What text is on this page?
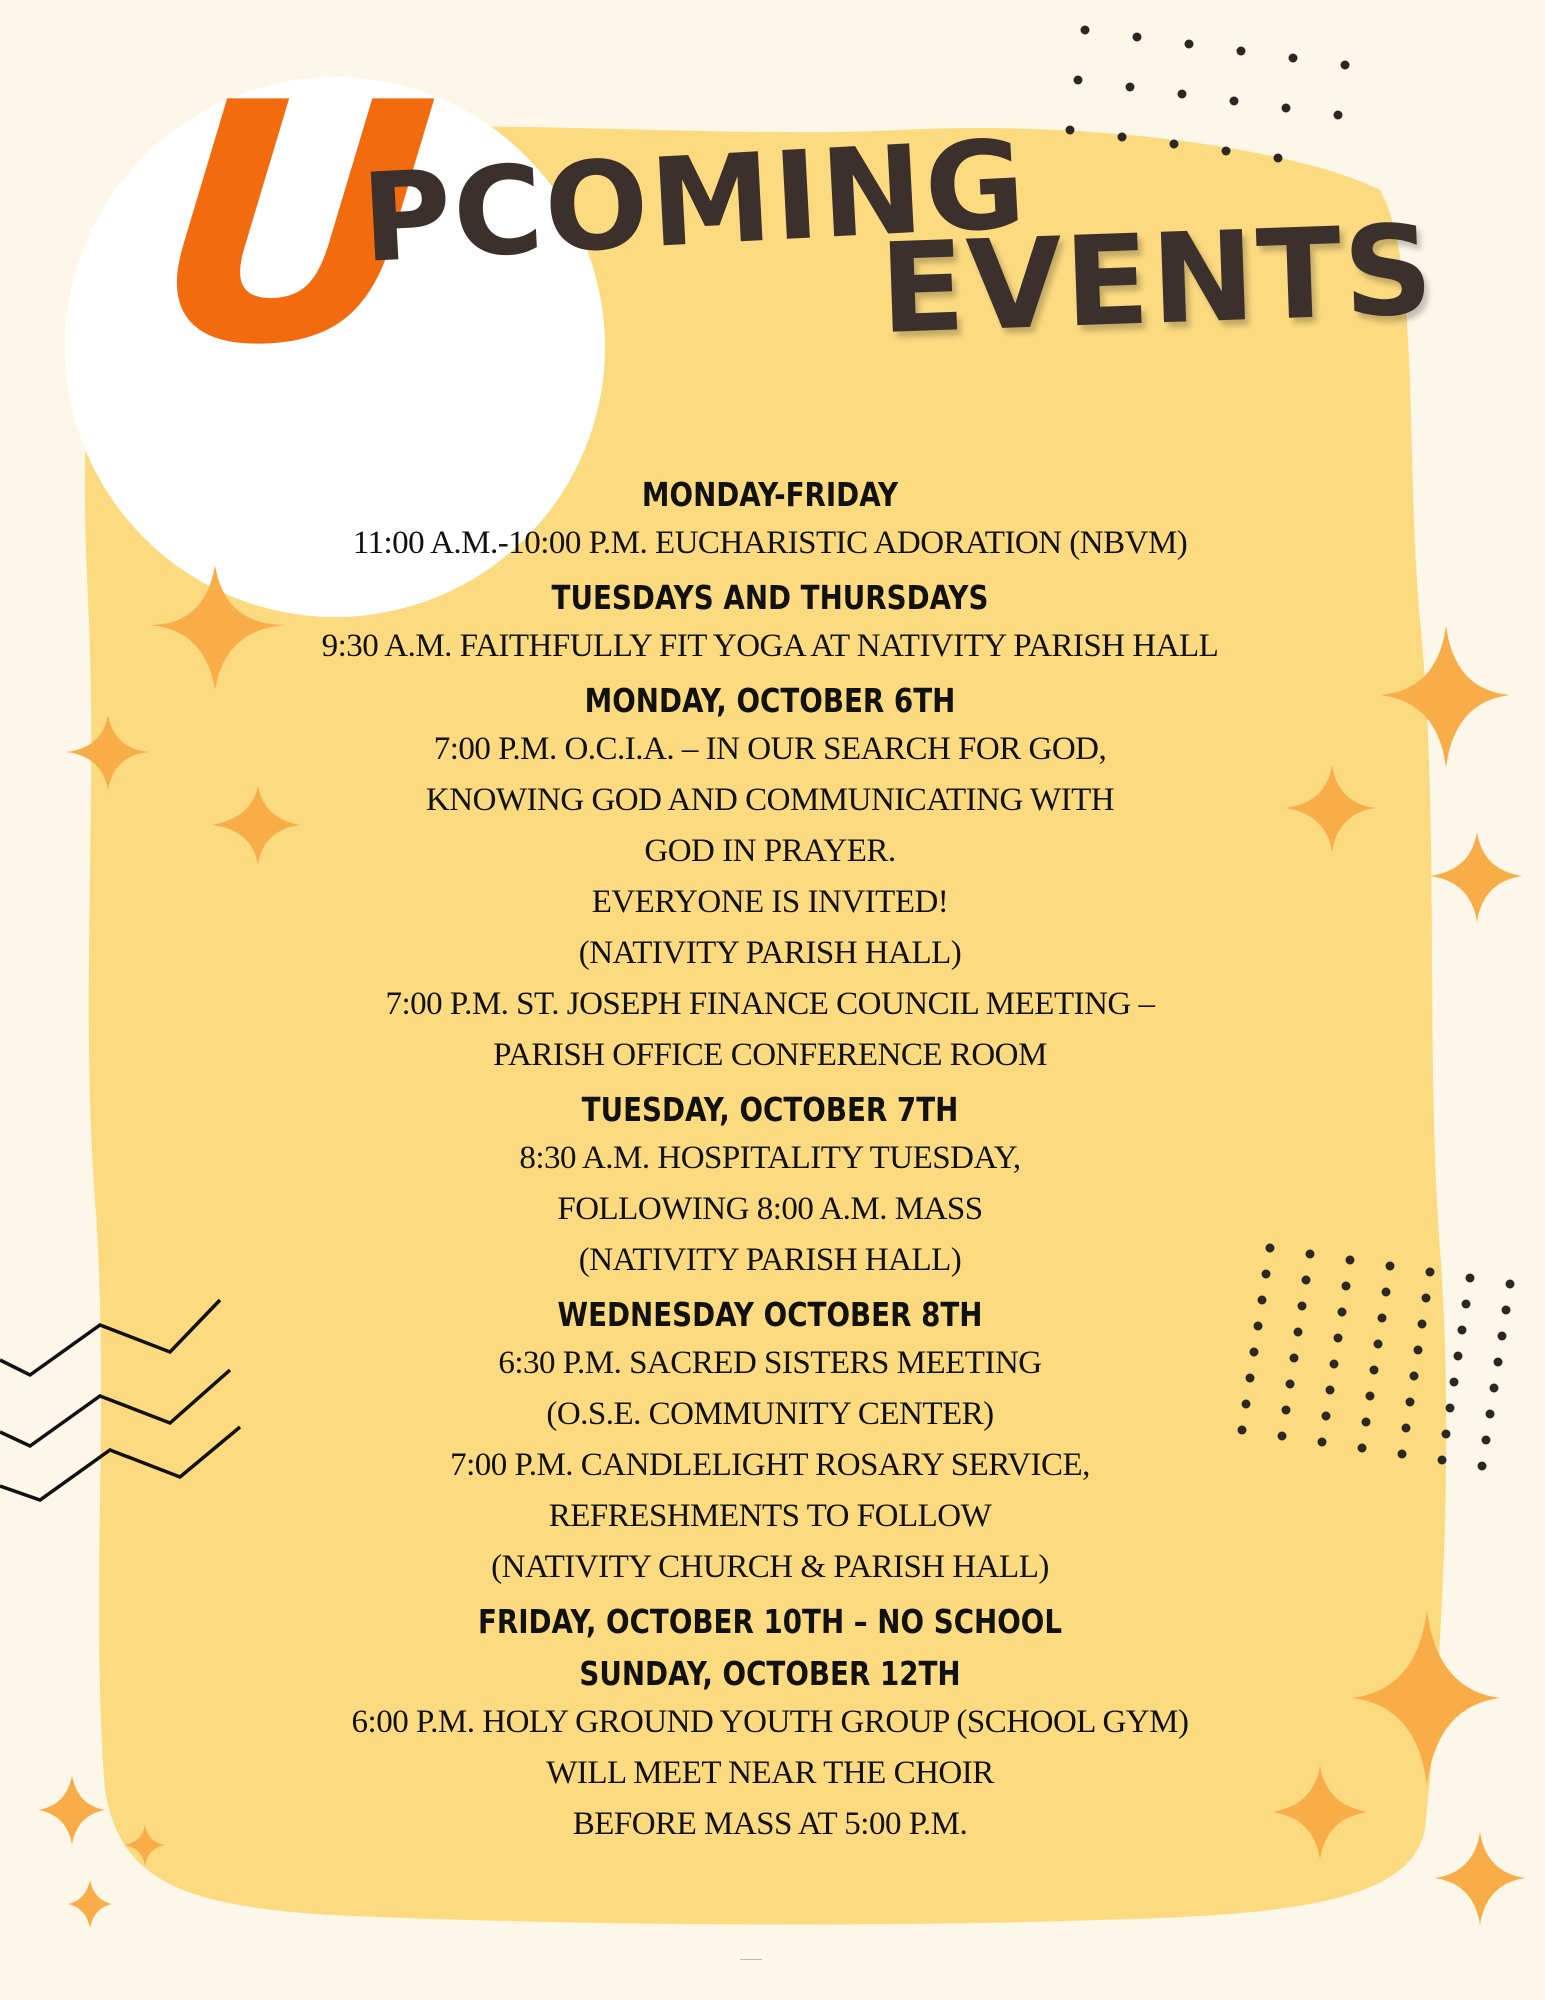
U
PCOMING
EVENTS
MONDAY-FRIDAY
11:00 A.M.-10:00 P.M. EUCHARISTIC ADORATION (NBVM)
TUESDAYS AND THURSDAYS
9:30 A.M. FAITHFULLY FIT YOGA AT NATIVITY PARISH HALL
MONDAY, OCTOBER 6TH
7:00 P.M. O.C.I.A. – IN OUR SEARCH FOR GOD,
KNOWING GOD AND COMMUNICATING WITH
GOD IN PRAYER.
EVERYONE IS INVITED!
(NATIVITY PARISH HALL)
7:00 P.M. ST. JOSEPH FINANCE COUNCIL MEETING –
PARISH OFFICE CONFERENCE ROOM
TUESDAY, OCTOBER 7TH
8:30 A.M. HOSPITALITY TUESDAY,
FOLLOWING 8:00 A.M. MASS
(NATIVITY PARISH HALL)
WEDNESDAY OCTOBER 8TH
6:30 P.M. SACRED SISTERS MEETING
(O.S.E. COMMUNITY CENTER)
7:00 P.M. CANDLELIGHT ROSARY SERVICE,
REFRESHMENTS TO FOLLOW
(NATIVITY CHURCH & PARISH HALL)
FRIDAY, OCTOBER 10TH – NO SCHOOL
SUNDAY, OCTOBER 12TH
6:00 P.M. HOLY GROUND YOUTH GROUP (SCHOOL GYM)
WILL MEET NEAR THE CHOIR
BEFORE MASS AT 5:00 P.M.
